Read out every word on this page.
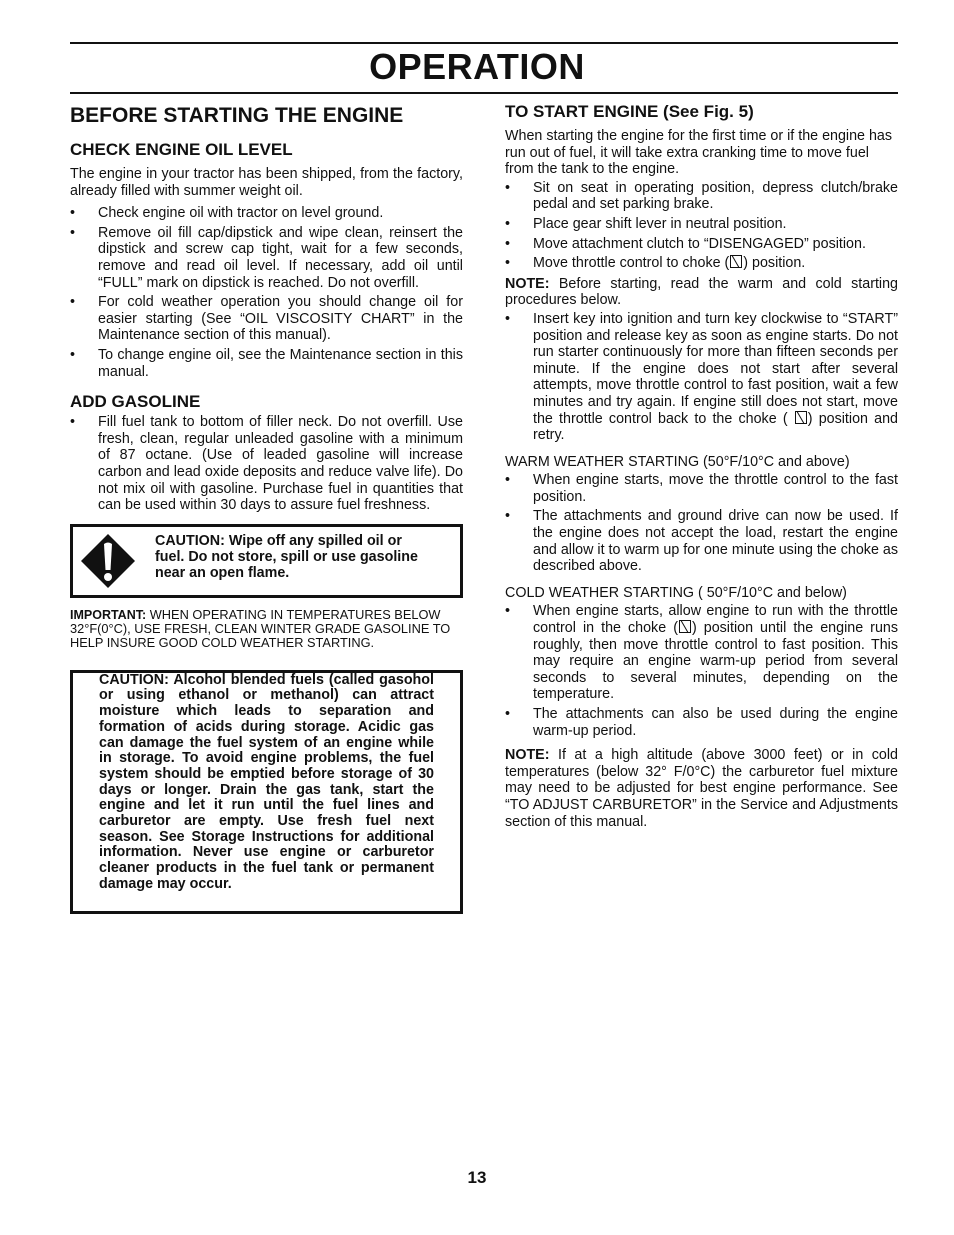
OPERATION
BEFORE STARTING THE ENGINE
CHECK ENGINE OIL LEVEL

The engine in your tractor has been shipped, from the factory, already filled with summer weight oil.

• Check engine oil with tractor on level ground.
• Remove oil fill cap/dipstick and wipe clean, reinsert the dipstick and screw cap tight, wait for a few seconds, remove and read oil level. If necessary, add oil until “FULL” mark on dipstick is reached. Do not overfill.
• For cold weather operation you should change oil for easier starting (See “OIL VISCOSITY CHART” in the Maintenance section of this manual).
• To change engine oil, see the Maintenance section in this manual.
ADD GASOLINE
• Fill fuel tank to bottom of filler neck. Do not overfill. Use fresh, clean, regular unleaded gasoline with a minimum of 87 octane. (Use of leaded gasoline will increase carbon and lead oxide deposits and reduce valve life). Do not mix oil with gasoline. Purchase fuel in quantities that can be used within 30 days to assure fuel freshness.

CAUTION: Wipe off any spilled oil or fuel. Do not store, spill or use gasoline near an open flame.

IMPORTANT: WHEN OPERATING IN TEMPERATURES BELOW 32°F(0°C), USE FRESH, CLEAN WINTER GRADE GASOLINE TO HELP INSURE GOOD COLD WEATHER STARTING.

CAUTION: Alcohol blended fuels (called gasohol or using ethanol or methanol) can attract moisture which leads to separation and formation of acids during storage. Acidic gas can damage the fuel system of an engine while in storage. To avoid engine problems, the fuel system should be emptied before storage of 30 days or longer. Drain the gas tank, start the engine and let it run until the fuel lines and carburetor are empty. Use fresh fuel next season. See Storage Instructions for additional information. Never use engine or carburetor cleaner products in the fuel tank or permanent damage may occur.

TO START ENGINE (See Fig. 5)

When starting the engine for the first time or if the engine has run out of fuel, it will take extra cranking time to move fuel from the tank to the engine.

• Sit on seat in operating position, depress clutch/brake pedal and set parking brake.
• Place gear shift lever in neutral position.
• Move attachment clutch to “DISENGAGED” position.
• Move throttle control to choke ( ) position.

NOTE: Before starting, read the warm and cold starting procedures below.

• Insert key into ignition and turn key clockwise to “START” position and release key as soon as engine starts. Do not run starter continuously for more than fifteen seconds per minute. If the engine does not start after several attempts, move throttle control to fast position, wait a few minutes and try again. If engine still does not start, move the throttle control back to the choke ( ) position and retry.

WARM WEATHER STARTING (50°F/10°C and above)

• When engine starts, move the throttle control to the fast position.
• The attachments and ground drive can now be used. If the engine does not accept the load, restart the engine and allow it to warm up for one minute using the choke as described above.

COLD WEATHER STARTING ( 50°F/10°C and below)

• When engine starts, allow engine to run with the throttle control in the choke ( ) position until the engine runs roughly, then move throttle control to fast position. This may require an engine warm-up period from several seconds to several minutes, depending on the temperature.
• The attachments can also be used during the engine warm-up period.

NOTE: If at a high altitude (above 3000 feet) or in cold temperatures (below 32° F/0°C) the carburetor fuel mixture may need to be adjusted for best engine performance. See “TO ADJUST CARBURETOR” in the Service and Adjustments section of this manual.

13
